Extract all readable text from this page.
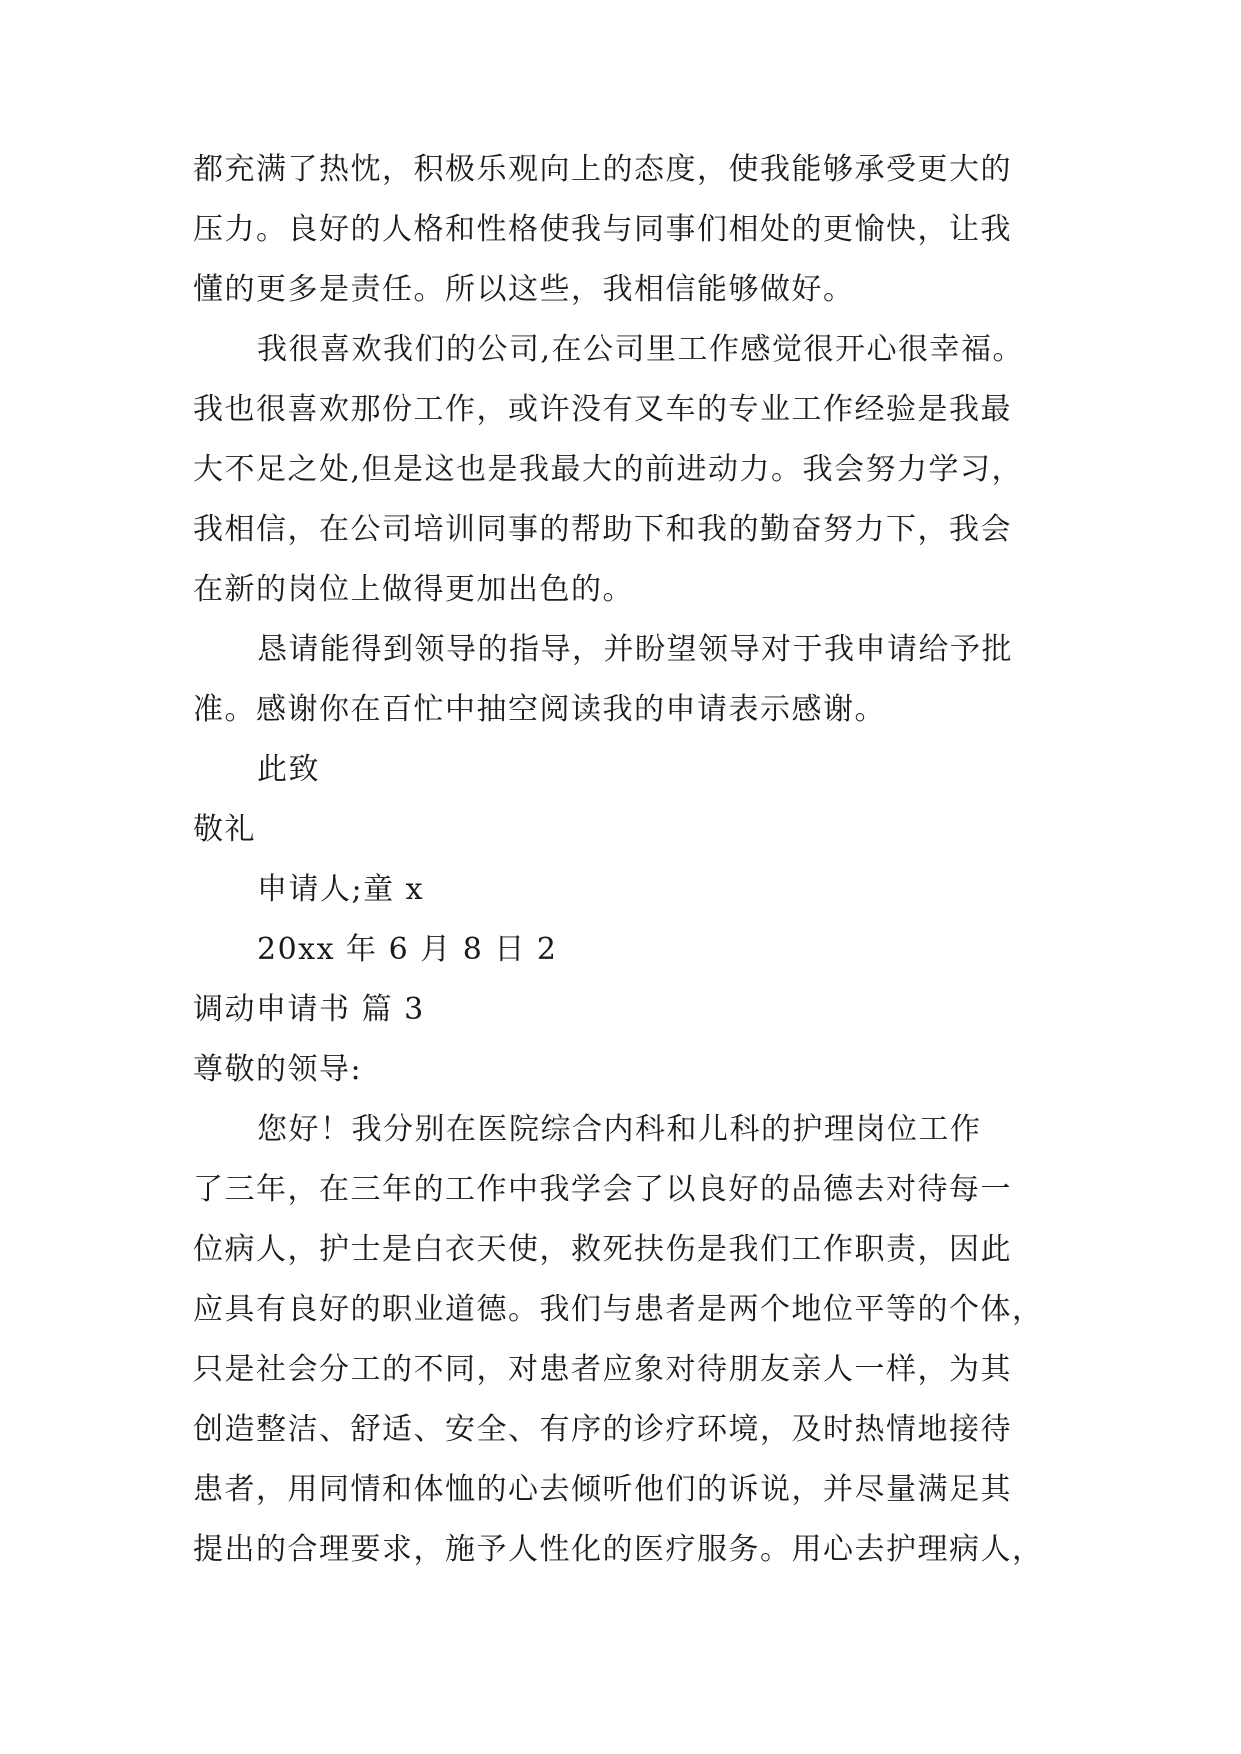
都充满了热忱，积极乐观向上的态度，使我能够承受更大的
压力。良好的人格和性格使我与同事们相处的更愉快，让我
懂的更多是责任。所以这些，我相信能够做好。
我很喜欢我们的公司,在公司里工作感觉很开心很幸福。
我也很喜欢那份工作，或许没有叉车的专业工作经验是我最
大不足之处,但是这也是我最大的前进动力。我会努力学习，
我相信，在公司培训同事的帮助下和我的勤奋努力下，我会
在新的岗位上做得更加出色的。
恳请能得到领导的指导，并盼望领导对于我申请给予批
准。感谢你在百忙中抽空阅读我的申请表示感谢。
此致
敬礼
申请人;童 x
20xx 年 6 月 8 日 2
调动申请书 篇 3
尊敬的领导:
您好！我分别在医院综合内科和儿科的护理岗位工作
了三年，在三年的工作中我学会了以良好的品德去对待每一
位病人，护士是白衣天使，救死扶伤是我们工作职责，因此
应具有良好的职业道德。我们与患者是两个地位平等的个体，
只是社会分工的不同，对患者应象对待朋友亲人一样，为其
创造整洁、舒适、安全、有序的诊疗环境，及时热情地接待
患者，用同情和体恤的心去倾听他们的诉说，并尽量满足其
提出的合理要求，施予人性化的医疗服务。用心去护理病人，
